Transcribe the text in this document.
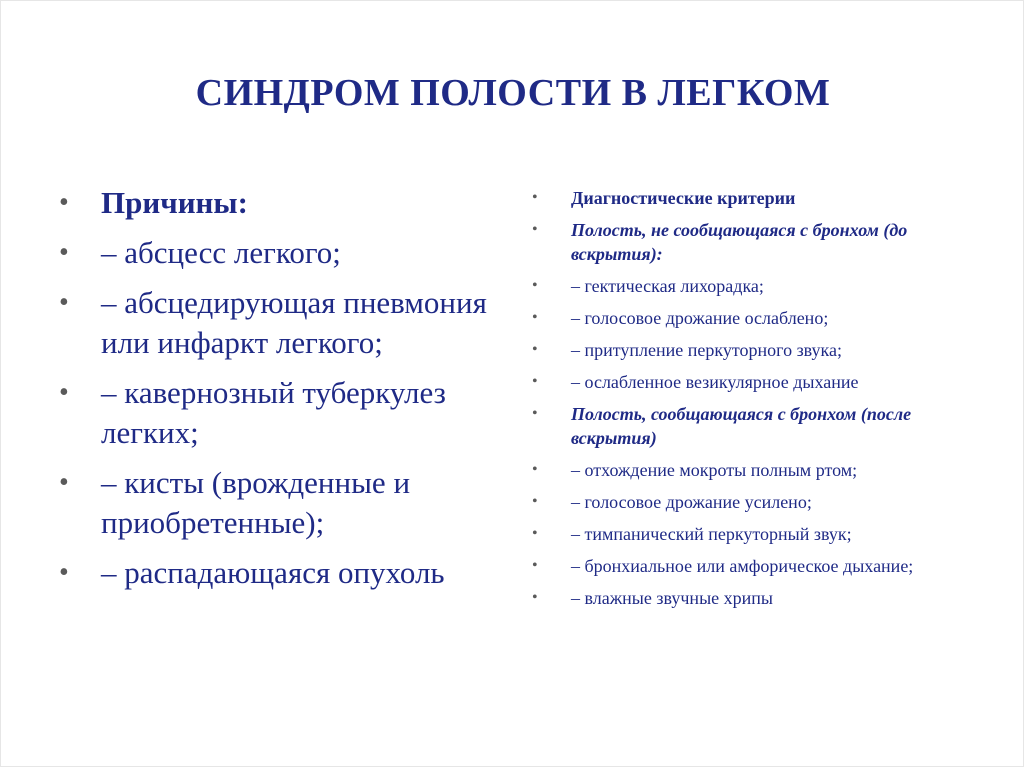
СИНДРОМ ПОЛОСТИ В ЛЕГКОМ
• Причины:
• – абсцесс легкого;
• – абсцедирующая пневмония или инфаркт легкого;
• – кавернозный туберкулез легких;
• – кисты (врожденные и приобретенные);
• – распадающаяся опухоль
• Диагностические критерии
• Полость, не сообщающаяся с бронхом (до вскрытия):
• – гектическая лихорадка;
• – голосовое дрожание ослаблено;
• – притупление перкуторного звука;
• – ослабленное везикулярное дыхание
• Полость, сообщающаяся с бронхом (после вскрытия)
• – отхождение мокроты полным ртом;
• – голосовое дрожание усилено;
• – тимпанический перкуторный звук;
• – бронхиальное или амфорическое дыхание;
• – влажные звучные хрипы
